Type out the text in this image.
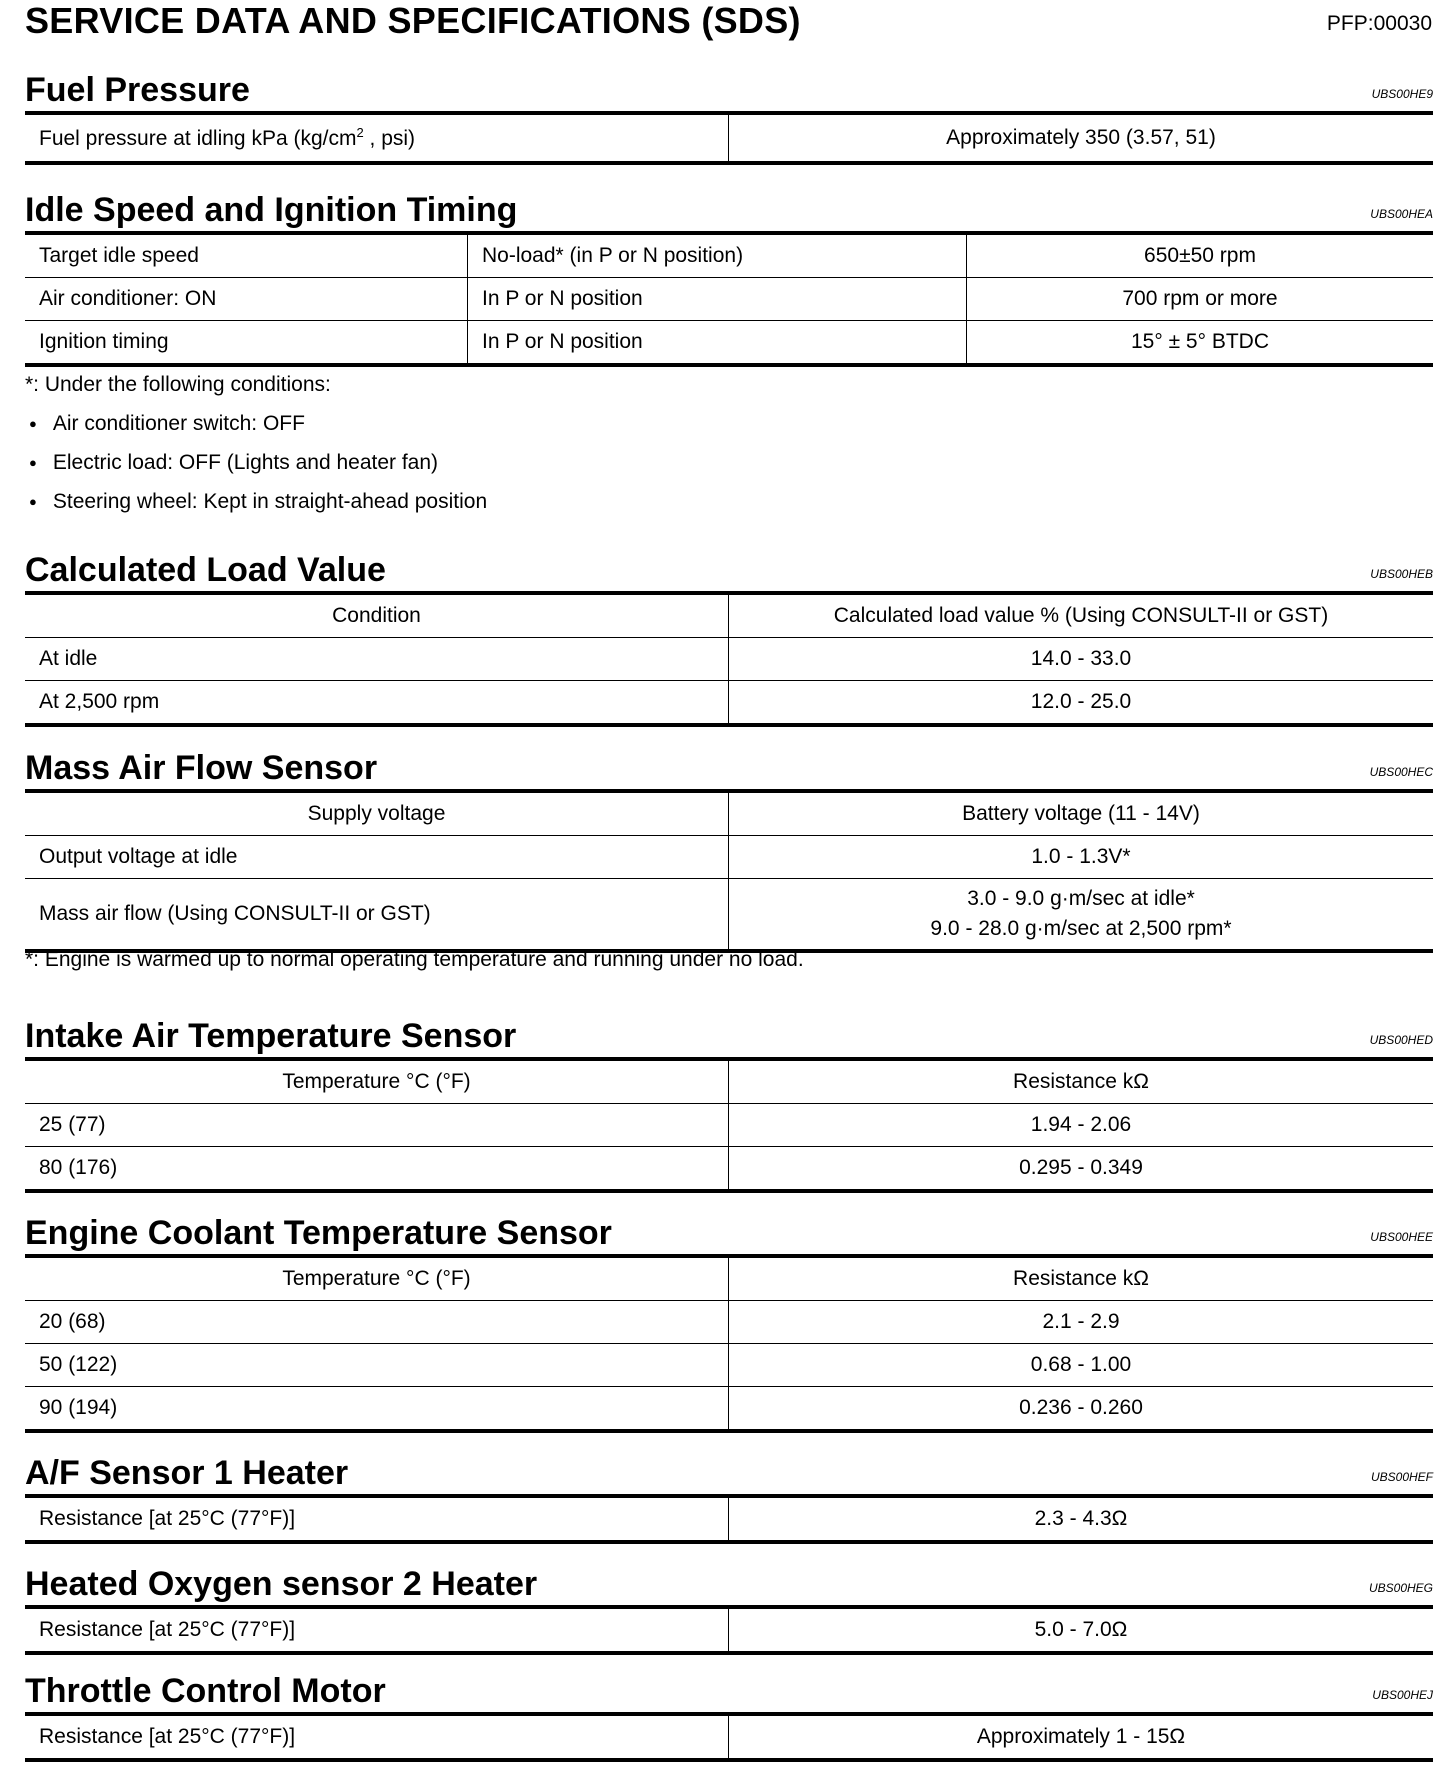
SERVICE DATA AND SPECIFICATIONS (SDS)	PFP:00030
Fuel Pressure	UBS00HE9
Fuel pressure at idling kPa ($kg/cm^2$ , psi)	Approximately 350 (3.57, 51)
Idle Speed and Ignition Timing	UBS00HEA
Target idle speed	No-load* (in P or N position)	650±50 rpm
Air conditioner: ON	In P or N position	700 rpm or more
Ignition timing	In P or N position	15° ± 5° BTDC
*: Under the following conditions:
● Air conditioner switch: OFF
● Electric load: OFF (Lights and heater fan)
● Steering wheel: Kept in straight-ahead position
Calculated Load Value	UBS00HEB
Condition	Calculated load value % (Using CONSULT-II or GST)
At idle	14.0 - 33.0
At 2,500 rpm	12.0 - 25.0
Mass Air Flow Sensor	UBS00HEC
Supply voltage	Battery voltage (11 - 14V)
Output voltage at idle	1.0 - 1.3V*
Mass air flow (Using CONSULT-II or GST)	3.0 - 9.0 g·m/sec at idle*
9.0 - 28.0 g·m/sec at 2,500 rpm*
*: Engine is warmed up to normal operating temperature and running under no load.
Intake Air Temperature Sensor	UBS00HED
Temperature °C (°F)	Resistance kΩ
25 (77)	1.94 - 2.06
80 (176)	0.295 - 0.349
Engine Coolant Temperature Sensor	UBS00HEE
Temperature °C (°F)	Resistance kΩ
20 (68)	2.1 - 2.9
50 (122)	0.68 - 1.00
90 (194)	0.236 - 0.260
A/F Sensor 1 Heater	UBS00HEF
Resistance [at 25°C (77°F)]	2.3 - 4.3Ω
Heated Oxygen sensor 2 Heater	UBS00HEG
Resistance [at 25°C (77°F)]	5.0 - 7.0Ω
Throttle Control Motor	UBS00HEJ
Resistance [at 25°C (77°F)]	Approximately 1 - 15Ω
